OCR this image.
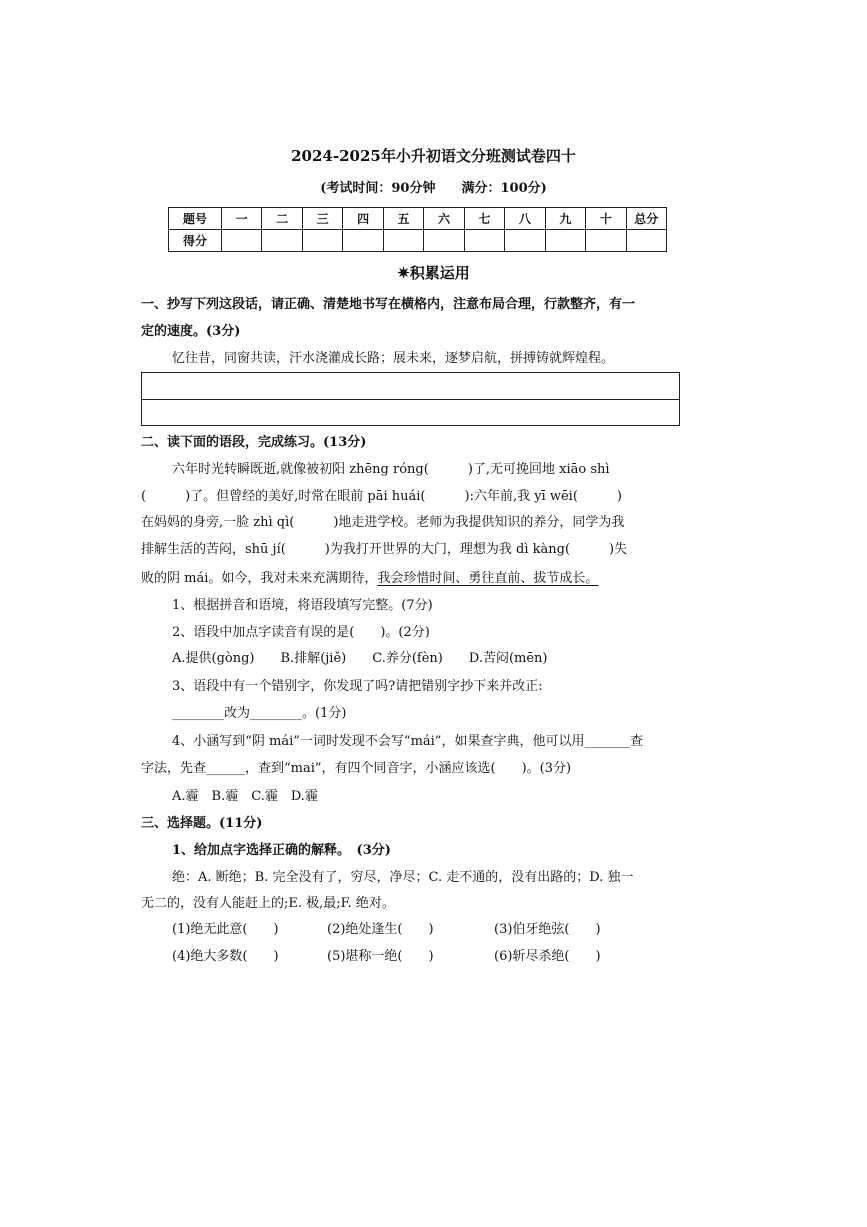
2024-2025年小升初语文分班测试卷四十
(考试时间：90分钟　　满分：100分)
题号	一	二	三	四	五	六	七	八	九	十	总分
得分											
✷积累运用
一、抄写下列这段话，请正确、清楚地书写在横格内，注意布局合理，行款整齐，有一
定的速度。(3分)
忆往昔，同窗共读，汗水浇灌成长路；展未来，逐梦启航，拼搏铸就辉煌程。
二、读下面的语段，完成练习。(13分)
六年时光转瞬既逝,就像被初阳 zhēng róng(　　　)了,无可挽回地 xiāo shì
(　　　)了。但曾经的美好,时常在眼前 pāi huái(　　　):六年前,我 yī wēi(　　　)
在妈妈的身旁,一脸 zhì qì(　　　)地走进学校。老师为我提供知识的养分，同学为我
排解生活的苦闷，shū jí(　　　)为我打开世界的大门，理想为我 dì kàng(　　　)失
败的阴 mái。如今，我对未来充满期待，我会珍惜时间、勇往直前、拔节成长。
1、根据拼音和语境，将语段填写完整。(7分)
2、语段中加点字读音有误的是(　　)。(2分)
A.提供(gòng)　　B.排解(jiě)　　C.养分(fèn)　　D.苦闷(mēn)
3、语段中有一个错别字，你发现了吗?请把错别字抄下来并改正:
________改为________。(1分)
4、小涵写到“阴 mái”一词时发现不会写“mái”，如果查字典，他可以用_______查
字法，先查______，查到“mai”，有四个同音字，小涵应该选(　　)。(3分)
A.霾　B.霾　C.霾　D.霾
三、选择题。(11分)
1、给加点字选择正确的解释。　(3分)
绝：A. 断绝；B. 完全没有了，穷尽，净尽；C. 走不通的，没有出路的；D. 独一
无二的，没有人能赶上的;E. 极,最;F. 绝对。
(1)绝无此意(　　)	(2)绝处逢生(　　)	(3)伯牙绝弦(　　)
(4)绝大多数(　　)	(5)堪称一绝(　　)	(6)斩尽杀绝(　　)
